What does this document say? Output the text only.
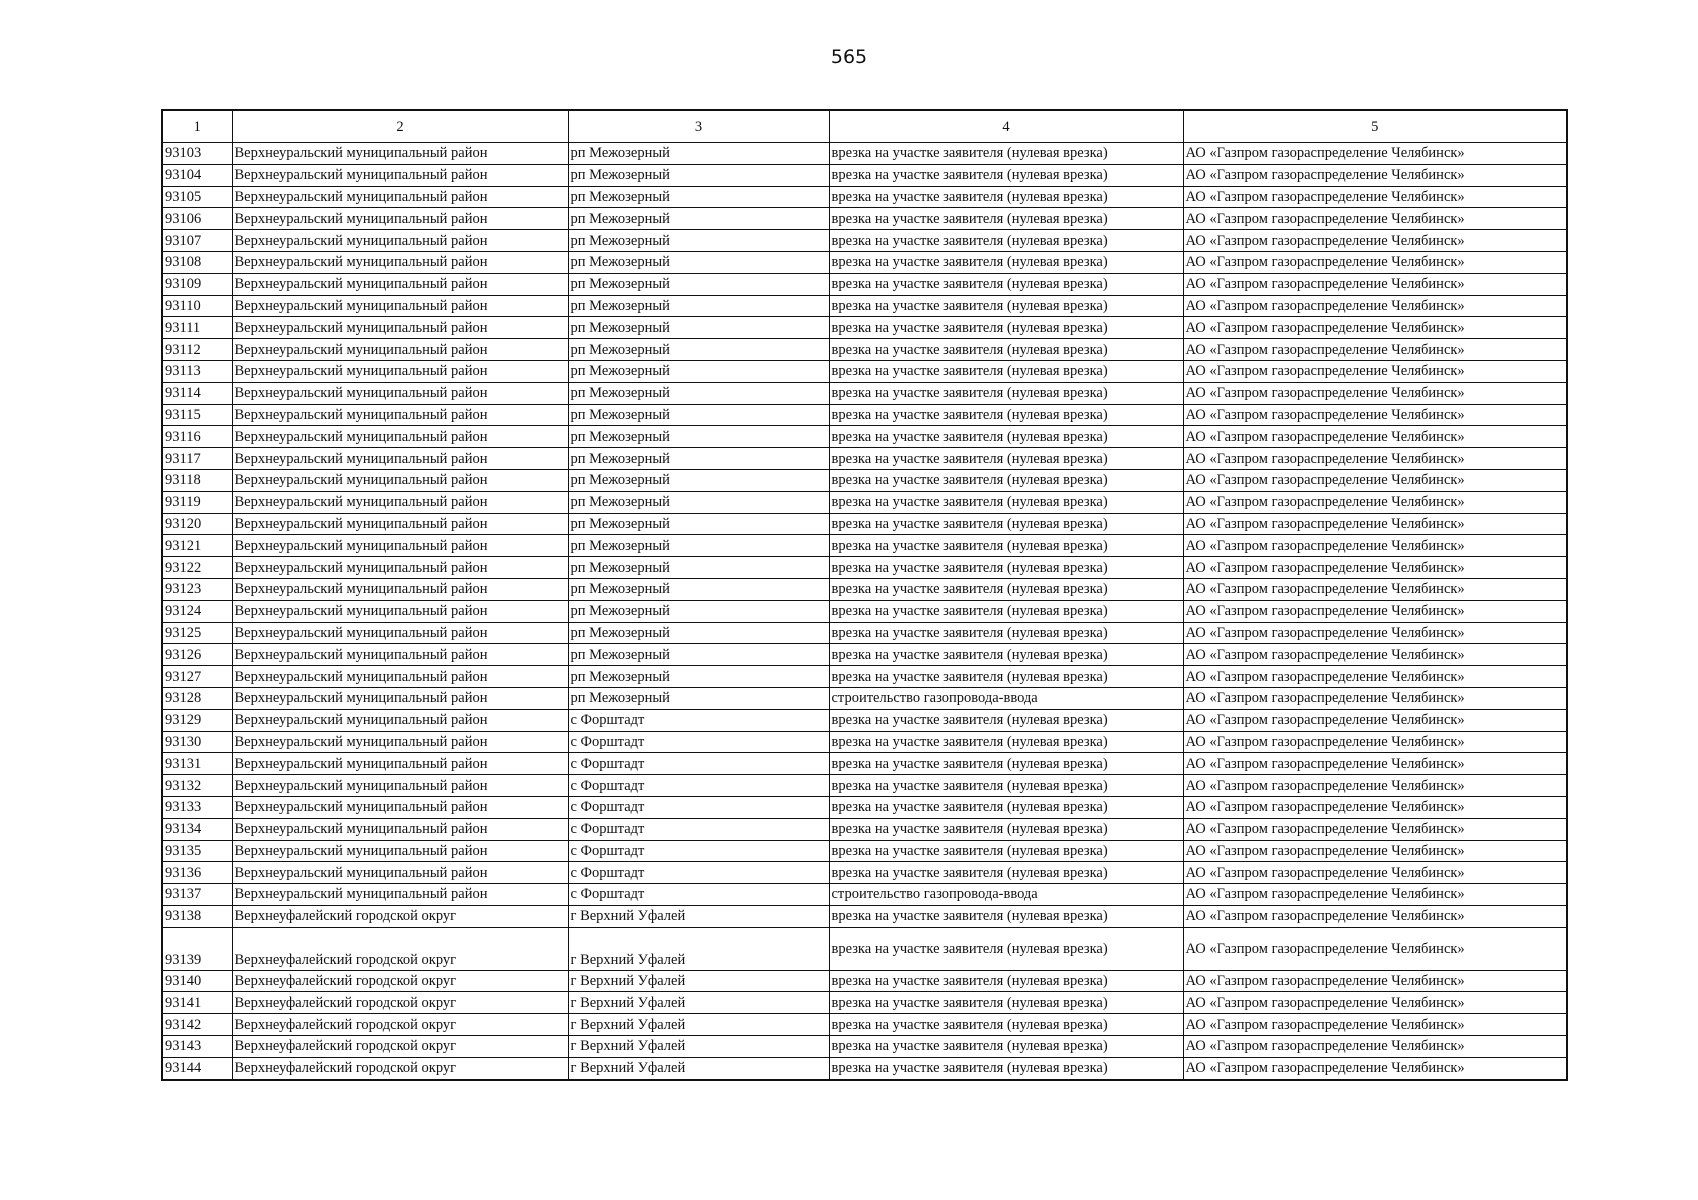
565
1	2	3	4	5
93103	Верхнеуральский муниципальный район	рп Межозерный	врезка на участке заявителя (нулевая врезка)	АО «Газпром газораспределение Челябинск»
93104	Верхнеуральский муниципальный район	рп Межозерный	врезка на участке заявителя (нулевая врезка)	АО «Газпром газораспределение Челябинск»
93105	Верхнеуральский муниципальный район	рп Межозерный	врезка на участке заявителя (нулевая врезка)	АО «Газпром газораспределение Челябинск»
93106	Верхнеуральский муниципальный район	рп Межозерный	врезка на участке заявителя (нулевая врезка)	АО «Газпром газораспределение Челябинск»
93107	Верхнеуральский муниципальный район	рп Межозерный	врезка на участке заявителя (нулевая врезка)	АО «Газпром газораспределение Челябинск»
93108	Верхнеуральский муниципальный район	рп Межозерный	врезка на участке заявителя (нулевая врезка)	АО «Газпром газораспределение Челябинск»
93109	Верхнеуральский муниципальный район	рп Межозерный	врезка на участке заявителя (нулевая врезка)	АО «Газпром газораспределение Челябинск»
93110	Верхнеуральский муниципальный район	рп Межозерный	врезка на участке заявителя (нулевая врезка)	АО «Газпром газораспределение Челябинск»
93111	Верхнеуральский муниципальный район	рп Межозерный	врезка на участке заявителя (нулевая врезка)	АО «Газпром газораспределение Челябинск»
93112	Верхнеуральский муниципальный район	рп Межозерный	врезка на участке заявителя (нулевая врезка)	АО «Газпром газораспределение Челябинск»
93113	Верхнеуральский муниципальный район	рп Межозерный	врезка на участке заявителя (нулевая врезка)	АО «Газпром газораспределение Челябинск»
93114	Верхнеуральский муниципальный район	рп Межозерный	врезка на участке заявителя (нулевая врезка)	АО «Газпром газораспределение Челябинск»
93115	Верхнеуральский муниципальный район	рп Межозерный	врезка на участке заявителя (нулевая врезка)	АО «Газпром газораспределение Челябинск»
93116	Верхнеуральский муниципальный район	рп Межозерный	врезка на участке заявителя (нулевая врезка)	АО «Газпром газораспределение Челябинск»
93117	Верхнеуральский муниципальный район	рп Межозерный	врезка на участке заявителя (нулевая врезка)	АО «Газпром газораспределение Челябинск»
93118	Верхнеуральский муниципальный район	рп Межозерный	врезка на участке заявителя (нулевая врезка)	АО «Газпром газораспределение Челябинск»
93119	Верхнеуральский муниципальный район	рп Межозерный	врезка на участке заявителя (нулевая врезка)	АО «Газпром газораспределение Челябинск»
93120	Верхнеуральский муниципальный район	рп Межозерный	врезка на участке заявителя (нулевая врезка)	АО «Газпром газораспределение Челябинск»
93121	Верхнеуральский муниципальный район	рп Межозерный	врезка на участке заявителя (нулевая врезка)	АО «Газпром газораспределение Челябинск»
93122	Верхнеуральский муниципальный район	рп Межозерный	врезка на участке заявителя (нулевая врезка)	АО «Газпром газораспределение Челябинск»
93123	Верхнеуральский муниципальный район	рп Межозерный	врезка на участке заявителя (нулевая врезка)	АО «Газпром газораспределение Челябинск»
93124	Верхнеуральский муниципальный район	рп Межозерный	врезка на участке заявителя (нулевая врезка)	АО «Газпром газораспределение Челябинск»
93125	Верхнеуральский муниципальный район	рп Межозерный	врезка на участке заявителя (нулевая врезка)	АО «Газпром газораспределение Челябинск»
93126	Верхнеуральский муниципальный район	рп Межозерный	врезка на участке заявителя (нулевая врезка)	АО «Газпром газораспределение Челябинск»
93127	Верхнеуральский муниципальный район	рп Межозерный	врезка на участке заявителя (нулевая врезка)	АО «Газпром газораспределение Челябинск»
93128	Верхнеуральский муниципальный район	рп Межозерный	строительство газопровода-ввода	АО «Газпром газораспределение Челябинск»
93129	Верхнеуральский муниципальный район	с Форштадт	врезка на участке заявителя (нулевая врезка)	АО «Газпром газораспределение Челябинск»
93130	Верхнеуральский муниципальный район	с Форштадт	врезка на участке заявителя (нулевая врезка)	АО «Газпром газораспределение Челябинск»
93131	Верхнеуральский муниципальный район	с Форштадт	врезка на участке заявителя (нулевая врезка)	АО «Газпром газораспределение Челябинск»
93132	Верхнеуральский муниципальный район	с Форштадт	врезка на участке заявителя (нулевая врезка)	АО «Газпром газораспределение Челябинск»
93133	Верхнеуральский муниципальный район	с Форштадт	врезка на участке заявителя (нулевая врезка)	АО «Газпром газораспределение Челябинск»
93134	Верхнеуральский муниципальный район	с Форштадт	врезка на участке заявителя (нулевая врезка)	АО «Газпром газораспределение Челябинск»
93135	Верхнеуральский муниципальный район	с Форштадт	врезка на участке заявителя (нулевая врезка)	АО «Газпром газораспределение Челябинск»
93136	Верхнеуральский муниципальный район	с Форштадт	врезка на участке заявителя (нулевая врезка)	АО «Газпром газораспределение Челябинск»
93137	Верхнеуральский муниципальный район	с Форштадт	строительство газопровода-ввода	АО «Газпром газораспределение Челябинск»
93138	Верхнеуфалейский городской округ	г Верхний Уфалей	врезка на участке заявителя (нулевая врезка)	АО «Газпром газораспределение Челябинск»
93139	Верхнеуфалейский городской округ	г Верхний Уфалей	врезка на участке заявителя (нулевая врезка)	АО «Газпром газораспределение Челябинск»
93140	Верхнеуфалейский городской округ	г Верхний Уфалей	врезка на участке заявителя (нулевая врезка)	АО «Газпром газораспределение Челябинск»
93141	Верхнеуфалейский городской округ	г Верхний Уфалей	врезка на участке заявителя (нулевая врезка)	АО «Газпром газораспределение Челябинск»
93142	Верхнеуфалейский городской округ	г Верхний Уфалей	врезка на участке заявителя (нулевая врезка)	АО «Газпром газораспределение Челябинск»
93143	Верхнеуфалейский городской округ	г Верхний Уфалей	врезка на участке заявителя (нулевая врезка)	АО «Газпром газораспределение Челябинск»
93144	Верхнеуфалейский городской округ	г Верхний Уфалей	врезка на участке заявителя (нулевая врезка)	АО «Газпром газораспределение Челябинск»
